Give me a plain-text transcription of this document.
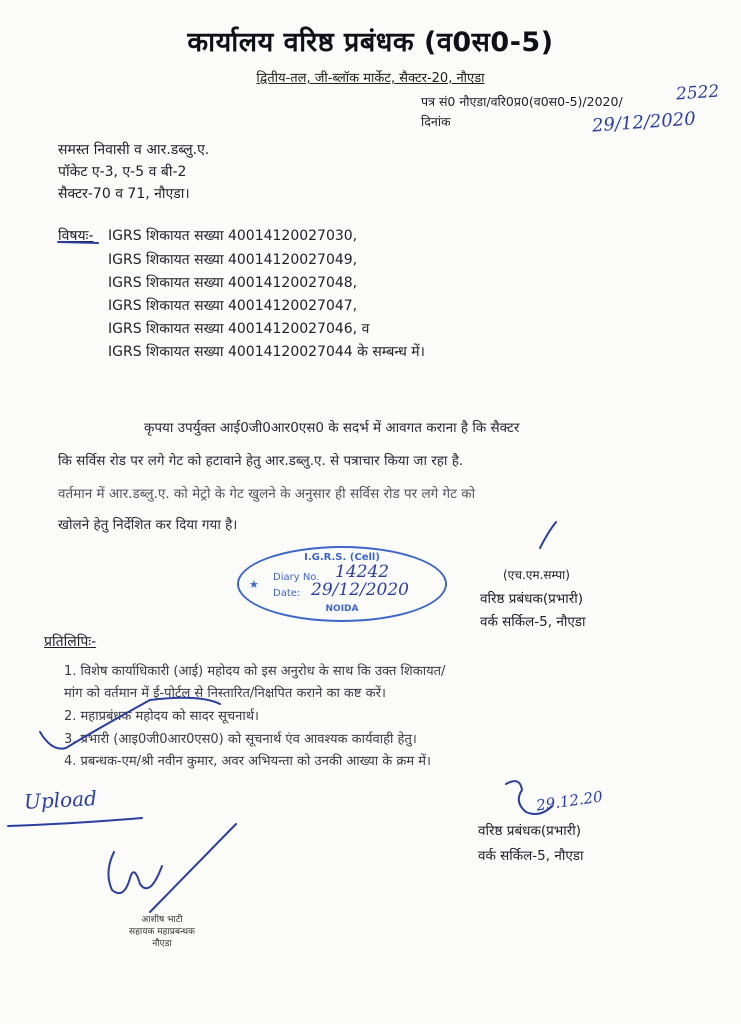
कार्यालय वरिष्ठ प्रबंधक (व0स0-5)
द्वितीय-तल, जी-ब्लॉक मार्केट, सैक्टर-20, नौएडा
पत्र सं0 नौएडा/वरि0प्र0(व0स0-5)/2020/	2522
दिनांक	29/12/2020
समस्त निवासी व आर.डब्लु.ए.
पॉकेट ए-3, ए-5 व बी-2
सैक्टर-70 व 71, नौएडा।
विषयः- IGRS शिकायत सख्या 40014120027030,
IGRS शिकायत सख्या 40014120027049,
IGRS शिकायत सख्या 40014120027048,
IGRS शिकायत सख्या 40014120027047,
IGRS शिकायत सख्या 40014120027046, व
IGRS शिकायत सख्या 40014120027044 के सम्बन्ध में।
कृपया उपर्युक्त आई0जी0आर0एस0 के सदर्भ में आवगत कराना है कि सैक्टर
कि सर्विस रोड पर लगे गेट को हटावाने हेतु आर.डब्लु.ए. से पत्राचार किया जा रहा है.
वर्तमान में आर.डब्लु.ए. को मेट्रो के गेट खुलने के अनुसार ही सर्विस रोड पर लगे गेट को
खोलने हेतु निर्देशित कर दिया गया है।
I.G.R.S. (Cell)
★
Diary No. 14242
Date: 29/12/2020
NOIDA
(एच.एम.सम्पा)
वरिष्ठ प्रबंधक(प्रभारी)
वर्क सर्किल-5, नौएडा
प्रतिलिपिः-
1. विशेष कार्याधिकारी (आई) महोदय को इस अनुरोध के साथ कि उक्त शिकायत/
मांग को वर्तमान में ई-पोर्टल से निस्तारित/निक्षपित कराने का कष्ट करें।
2. महाप्रबंधक महोदय को सादर सूचनार्थ।
3. प्रभारी (आइ0जी0आर0एस0) को सूचनार्थ एंव आवश्यक कार्यवाही हेतु।
4. प्रबन्धक-एम/श्री नवीन कुमार, अवर अभियन्ता को उनकी आख्या के क्रम में।
Upload	29.12.20
वरिष्ठ प्रबंधक(प्रभारी)
वर्क सर्किल-5, नौएडा
आशीष भाटी
सहायक महाप्रबन्धक
नौएडा
